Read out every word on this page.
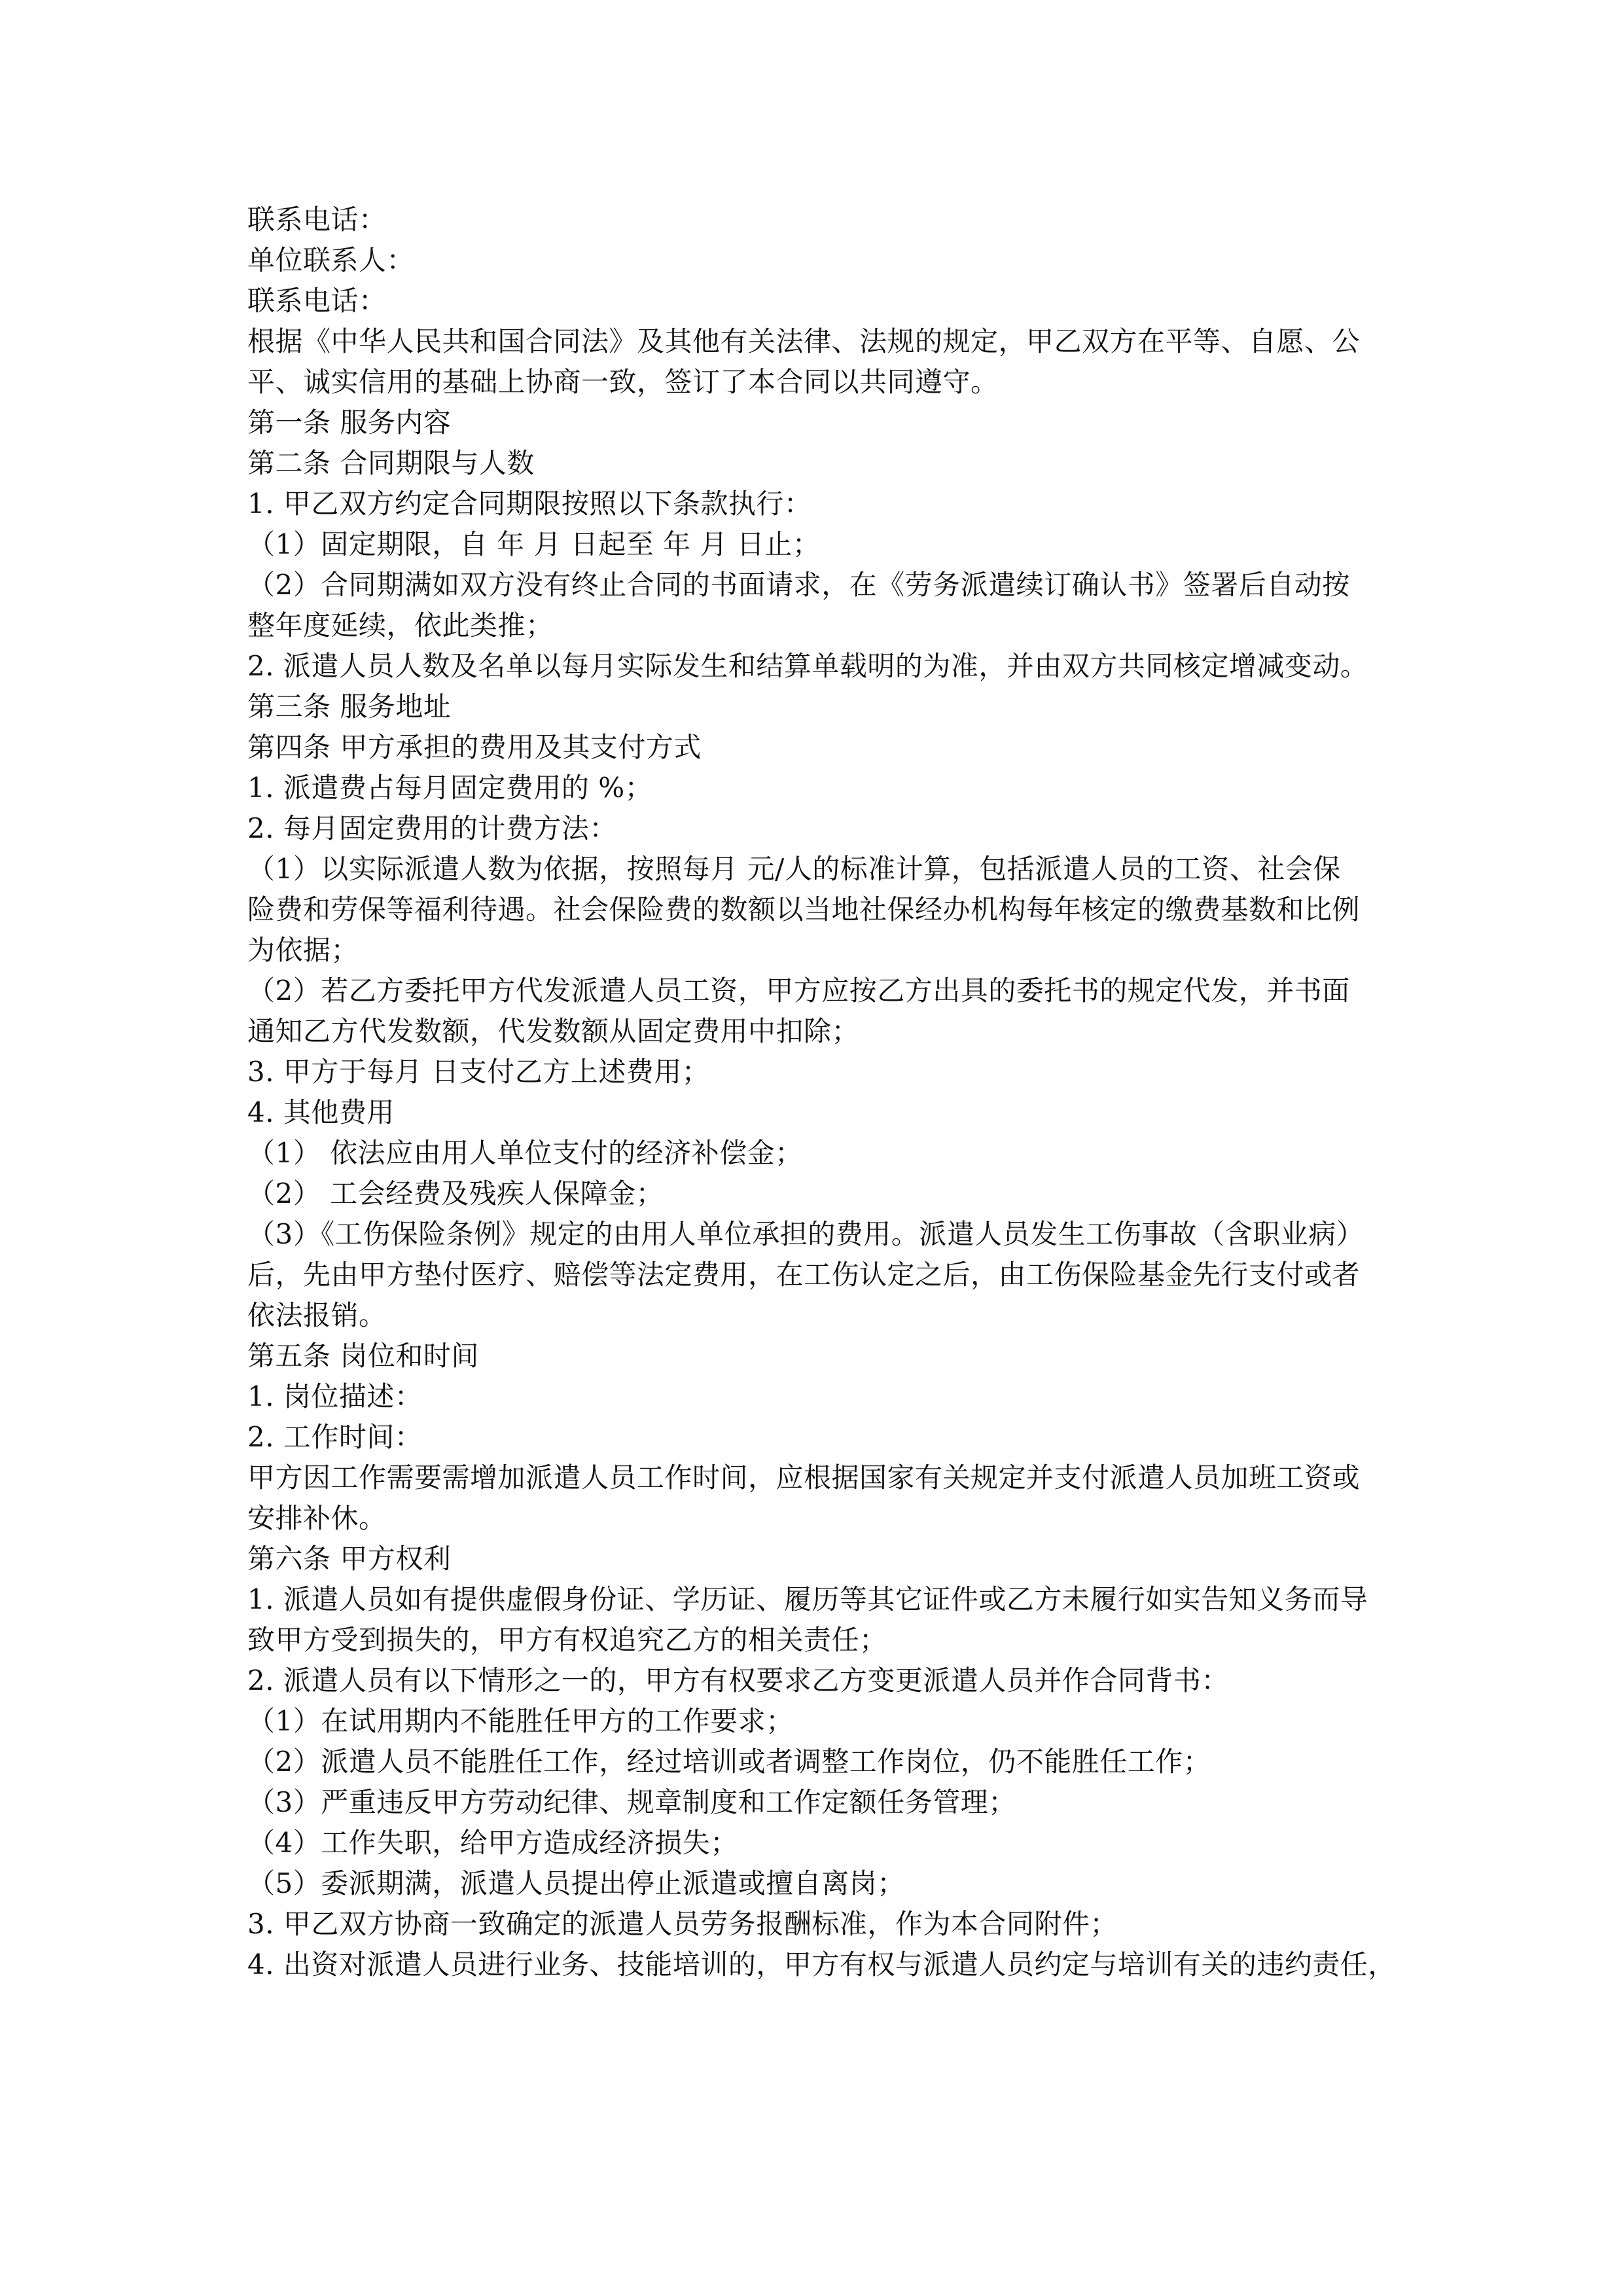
联系电话：
单位联系人：
联系电话：
根据《中华人民共和国合同法》及其他有关法律、法规的规定，甲乙双方在平等、自愿、公
平、诚实信用的基础上协商一致，签订了本合同以共同遵守。
第一条 服务内容
第二条 合同期限与人数
1. 甲乙双方约定合同期限按照以下条款执行：
（1）固定期限，自 年 月 日起至 年 月 日止；
（2）合同期满如双方没有终止合同的书面请求，在《劳务派遣续订确认书》签署后自动按
整年度延续，依此类推；
2. 派遣人员人数及名单以每月实际发生和结算单载明的为准，并由双方共同核定增减变动。
第三条 服务地址
第四条 甲方承担的费用及其支付方式
1. 派遣费占每月固定费用的 %；
2. 每月固定费用的计费方法：
（1）以实际派遣人数为依据，按照每月 元/人的标准计算，包括派遣人员的工资、社会保
险费和劳保等福利待遇。社会保险费的数额以当地社保经办机构每年核定的缴费基数和比例
为依据；
（2）若乙方委托甲方代发派遣人员工资，甲方应按乙方出具的委托书的规定代发，并书面
通知乙方代发数额，代发数额从固定费用中扣除；
3. 甲方于每月 日支付乙方上述费用；
4. 其他费用
（1） 依法应由用人单位支付的经济补偿金；
（2） 工会经费及残疾人保障金；
（3）《工伤保险条例》规定的由用人单位承担的费用。派遣人员发生工伤事故（含职业病）
后，先由甲方垫付医疗、赔偿等法定费用，在工伤认定之后，由工伤保险基金先行支付或者
依法报销。
第五条 岗位和时间
1. 岗位描述：
2. 工作时间：
甲方因工作需要需增加派遣人员工作时间，应根据国家有关规定并支付派遣人员加班工资或
安排补休。
第六条 甲方权利
1. 派遣人员如有提供虚假身份证、学历证、履历等其它证件或乙方未履行如实告知义务而导
致甲方受到损失的，甲方有权追究乙方的相关责任；
2. 派遣人员有以下情形之一的，甲方有权要求乙方变更派遣人员并作合同背书：
（1）在试用期内不能胜任甲方的工作要求；
（2）派遣人员不能胜任工作，经过培训或者调整工作岗位，仍不能胜任工作；
（3）严重违反甲方劳动纪律、规章制度和工作定额任务管理；
（4）工作失职，给甲方造成经济损失；
（5）委派期满，派遣人员提出停止派遣或擅自离岗；
3. 甲乙双方协商一致确定的派遣人员劳务报酬标准，作为本合同附件；
4. 出资对派遣人员进行业务、技能培训的，甲方有权与派遣人员约定与培训有关的违约责任，
